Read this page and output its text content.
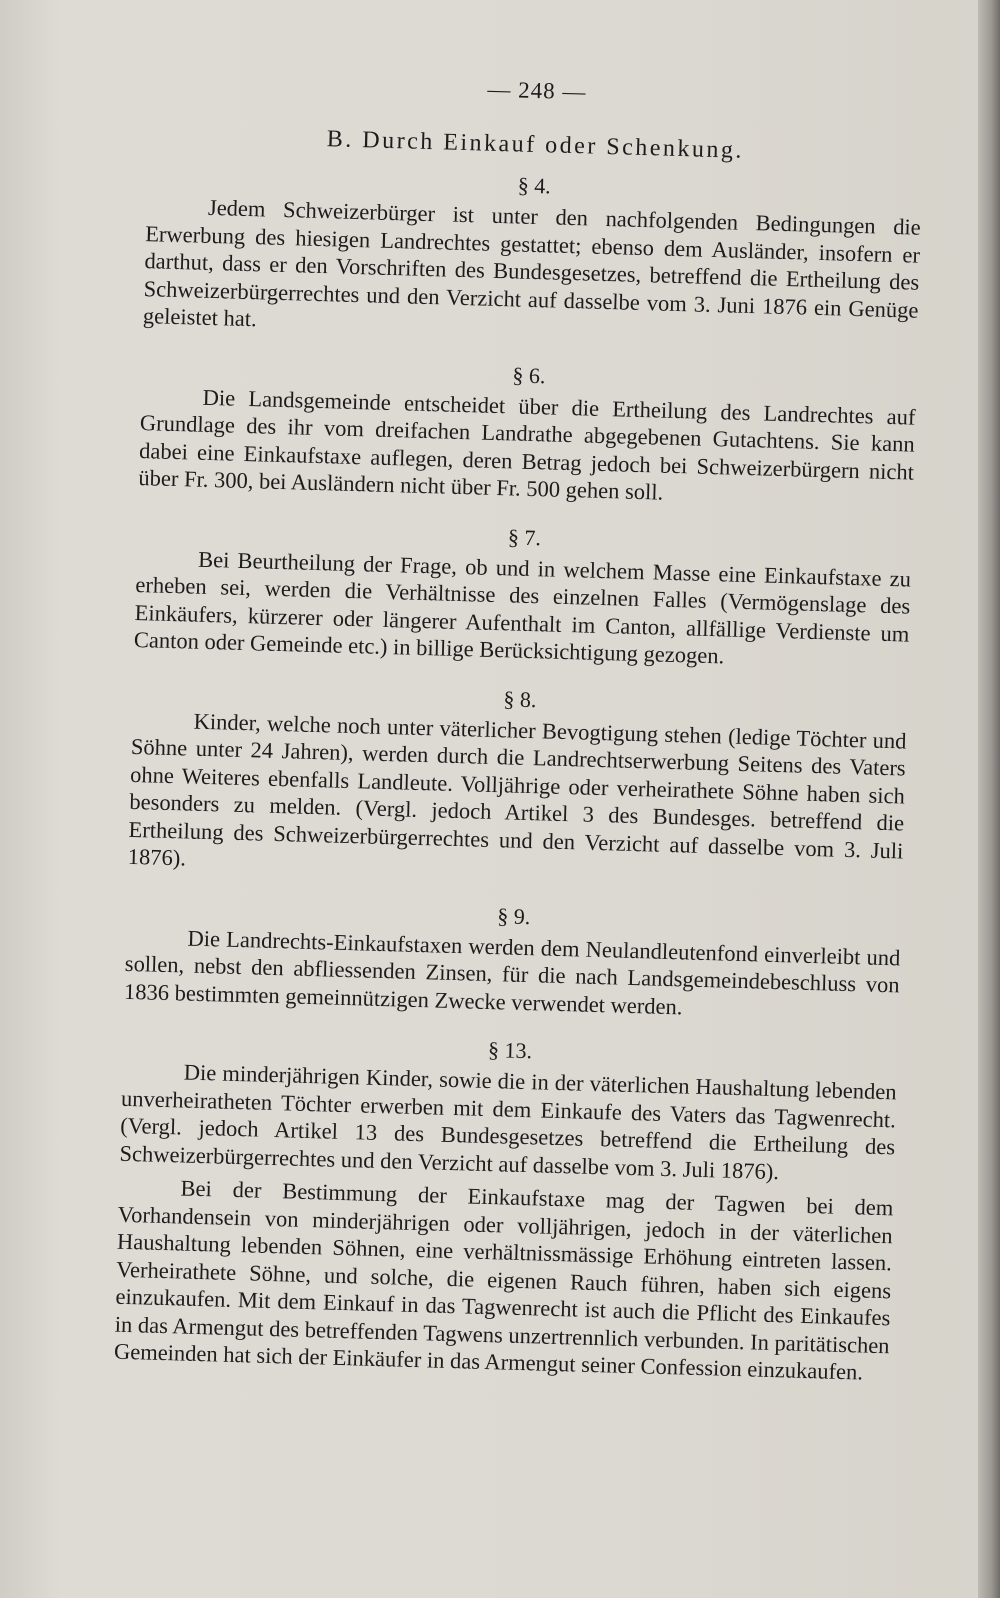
— 248 —
B. Durch Einkauf oder Schenkung.
§ 4.

Jedem Schweizerbürger ist unter den nachfolgenden Bedingungen die Erwerbung des hiesigen Landrechtes gestattet; ebenso dem Ausländer, insofern er darthut, dass er den Vorschriften des Bundesgesetzes, betreffend die Ertheilung des Schweizerbürgerrechtes und den Verzicht auf dasselbe vom 3. Juni 1876 ein Genüge geleistet hat.

§ 6.

Die Landsgemeinde entscheidet über die Ertheilung des Landrechtes auf Grundlage des ihr vom dreifachen Landrathe abgegebenen Gutachtens. Sie kann dabei eine Einkaufstaxe auflegen, deren Betrag jedoch bei Schweizerbürgern nicht über Fr. 300, bei Ausländern nicht über Fr. 500 gehen soll.

§ 7.

Bei Beurtheilung der Frage, ob und in welchem Masse eine Einkaufstaxe zu erheben sei, werden die Verhältnisse des einzelnen Falles (Vermögenslage des Einkäufers, kürzerer oder längerer Aufenthalt im Canton, allfällige Verdienste um Canton oder Gemeinde etc.) in billige Berücksichtigung gezogen.

§ 8.

Kinder, welche noch unter väterlicher Bevogtigung stehen (ledige Töchter und Söhne unter 24 Jahren), werden durch die Landrechtserwerbung Seitens des Vaters ohne Weiteres ebenfalls Landleute. Volljährige oder verheirathete Söhne haben sich besonders zu melden. (Vergl. jedoch Artikel 3 des Bundesges. betreffend die Ertheilung des Schweizerbürgerrechtes und den Verzicht auf dasselbe vom 3. Juli 1876).

§ 9.

Die Landrechts-Einkaufstaxen werden dem Neulandleutenfond einverleibt und sollen, nebst den abfliessenden Zinsen, für die nach Landsgemeindebeschluss von 1836 bestimmten gemeinnützigen Zwecke verwendet werden.

§ 13.

Die minderjährigen Kinder, sowie die in der väterlichen Haushaltung lebenden unverheiratheten Töchter erwerben mit dem Einkaufe des Vaters das Tagwenrecht. (Vergl. jedoch Artikel 13 des Bundesgesetzes betreffend die Ertheilung des Schweizerbürgerrechtes und den Verzicht auf dasselbe vom 3. Juli 1876).

Bei der Bestimmung der Einkaufstaxe mag der Tagwen bei dem Vorhandensein von minderjährigen oder volljährigen, jedoch in der väterlichen Haushaltung lebenden Söhnen, eine verhältnissmässige Erhöhung eintreten lassen. Verheirathete Söhne, und solche, die eigenen Rauch führen, haben sich eigens einzukaufen. Mit dem Einkauf in das Tagwenrecht ist auch die Pflicht des Einkaufes in das Armengut des betreffenden Tagwens unzertrennlich verbunden. In paritätischen Gemeinden hat sich der Einkäufer in das Armengut seiner Confession einzukaufen.
